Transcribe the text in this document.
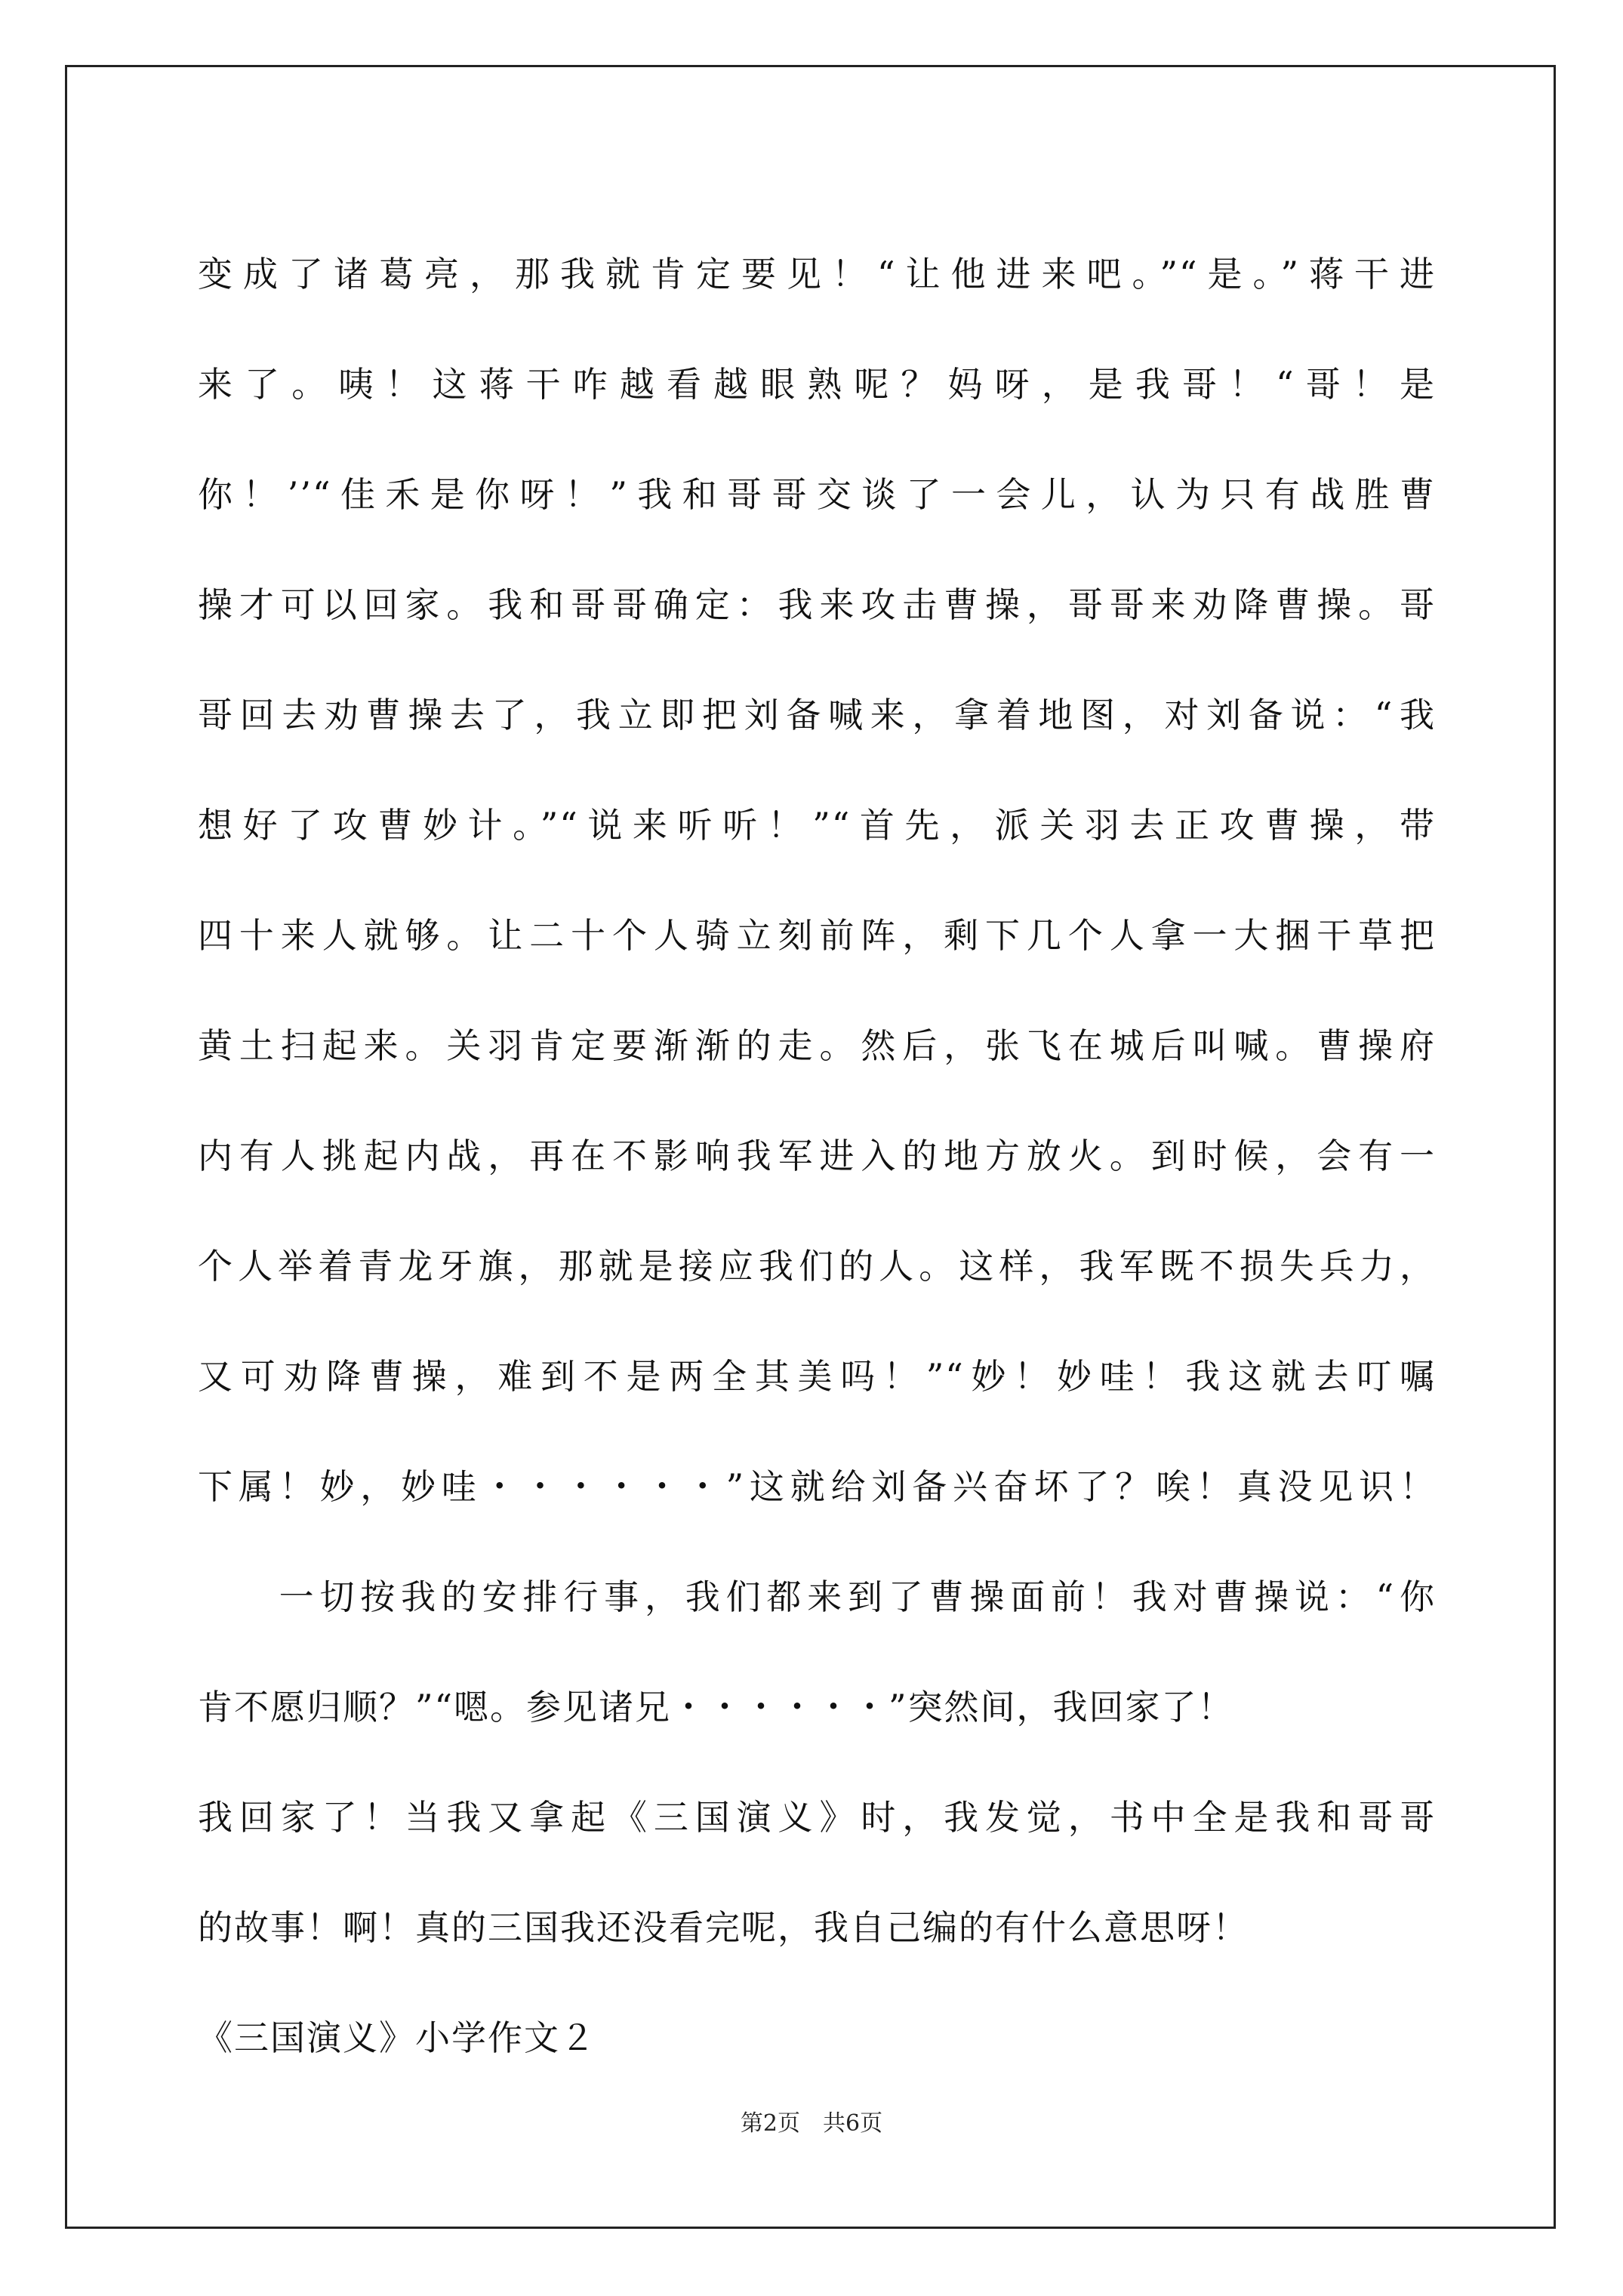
变成了诸葛亮，那我就肯定要见！“让他进来吧。”“是。”蒋干进
来了。咦！这蒋干咋越看越眼熟呢？妈呀，是我哥！“哥！是
你！’’“佳禾是你呀！”我和哥哥交谈了一会儿，认为只有战胜曹
操才可以回家。我和哥哥确定：我来攻击曹操，哥哥来劝降曹操。哥
哥回去劝曹操去了，我立即把刘备喊来，拿着地图，对刘备说：“我
想好了攻曹妙计。”“说来听听！”“首先，派关羽去正攻曹操，带
四十来人就够。让二十个人骑立刻前阵，剩下几个人拿一大捆干草把
黄土扫起来。关羽肯定要渐渐的走。然后，张飞在城后叫喊。曹操府
内有人挑起内战，再在不影响我军进入的地方放火。到时候，会有一
个人举着青龙牙旗，那就是接应我们的人。这样，我军既不损失兵力，
又可劝降曹操，难到不是两全其美吗！”“妙！妙哇！我这就去叮嘱
下属！妙，妙哇・・・・・・”这就给刘备兴奋坏了？唉！真没见识！
　　一切按我的安排行事，我们都来到了曹操面前！我对曹操说：“你
肯不愿归顺？”“嗯。参见诸兄・・・・・・”突然间，我回家了！
我回家了！当我又拿起《三国演义》时，我发觉，书中全是我和哥哥
的故事！啊！真的三国我还没看完呢，我自己编的有什么意思呀！
《三国演义》小学作文２
第2页　共6页
